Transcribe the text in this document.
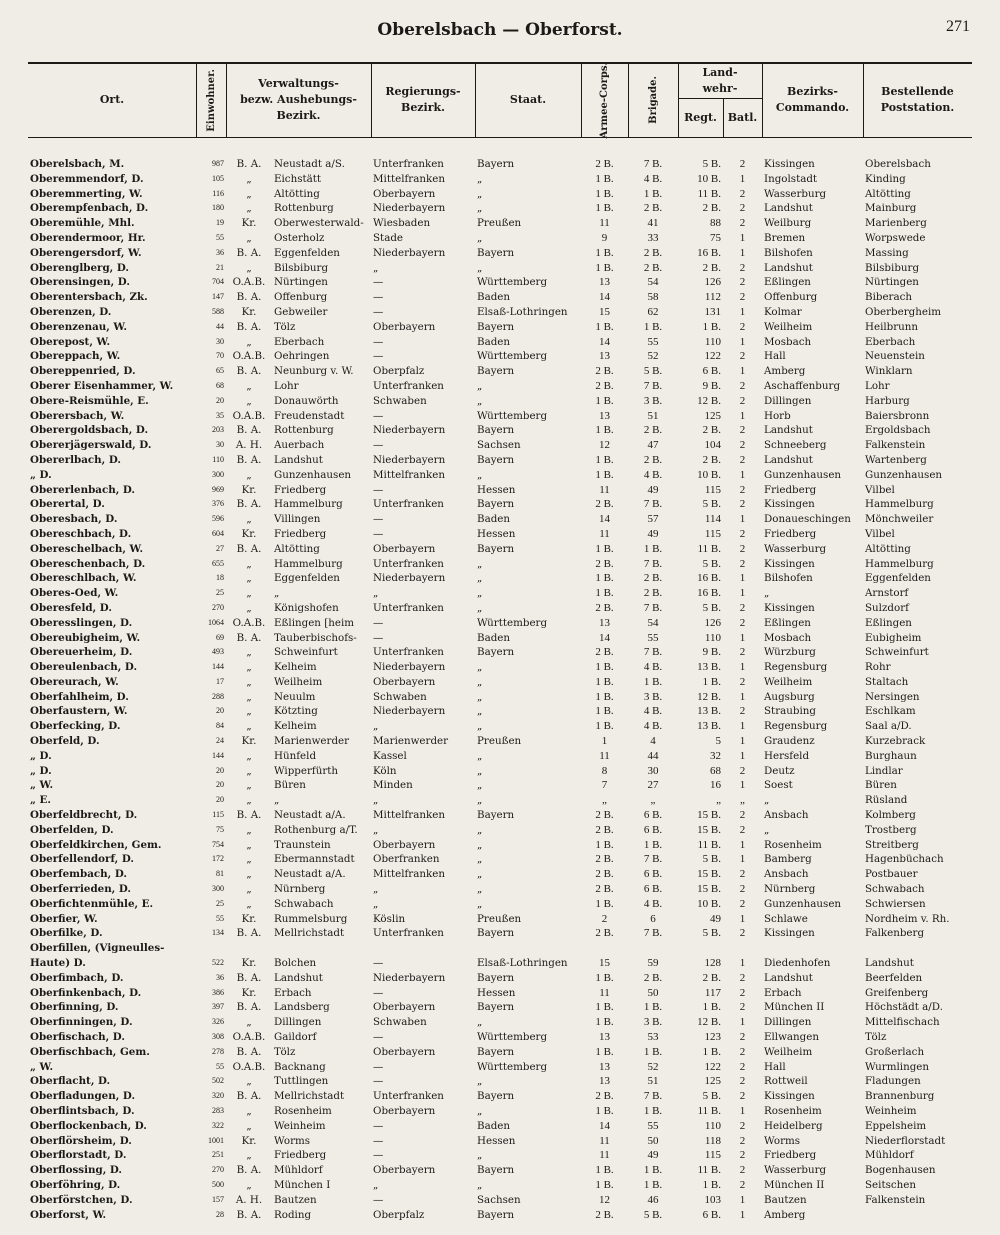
Oberelsbach — Oberforst.	271
Ort.	Einwohner.	Verwaltungs-
bezw. Aushebungs-
Bezirk.
Regierungs-
Bezirk.
Staat.	Armee-Corps.	Brigade.
Land-
wehr-
Regt. Batl.
Bezirks-
Commando.
Bestellende
Poststation.
Oberelsbach, M.	987	B. A.	Neustadt a/S.	Unterfranken	Bayern	2 B.	7 B.	5 B.	2	Kissingen	Oberelsbach
Oberemmendorf, D.	105	„	Eichstätt	Mittelfranken	„	1 B.	4 B.	10 B.	1	Ingolstadt	Kinding
Oberemmerting, W.	116	„	Altötting	Oberbayern	„	1 B.	1 B.	11 B.	2	Wasserburg	Altötting
Oberempfenbach, D.	180	„	Rottenburg	Niederbayern	„	1 B.	2 B.	2 B.	2	Landshut	Mainburg
Oberemühle, Mhl.	19	Kr.	Oberwesterwald-	Wiesbaden	Preußen	11	41	88	2	Weilburg	Marienberg
Oberendermoor, Hr.	55	„	Osterholz	Stade	„	9	33	75	1	Bremen	Worpswede
Oberengersdorf, W.	36	B. A.	Eggenfelden	Niederbayern	Bayern	1 B.	2 B.	16 B.	1	Bilshofen	Massing
Oberenglberg, D.	21	„	Bilsbiburg	„	„	1 B.	2 B.	2 B.	2	Landshut	Bilsbiburg
Oberensingen, D.	704	O.A.B.	Nürtingen	—	Württemberg	13	54	126	2	Eßlingen	Nürtingen
Oberentersbach, Zk.	147	B. A.	Offenburg	—	Baden	14	58	112	2	Offenburg	Biberach
Oberenzen, D.	588	Kr.	Gebweiler	—	Elsaß-Lothringen	15	62	131	1	Kolmar	Oberbergheim
Oberenzenau, W.	44	B. A.	Tölz	Oberbayern	Bayern	1 B.	1 B.	1 B.	2	Weilheim	Heilbrunn
Oberepost, W.	30	„	Eberbach	—	Baden	14	55	110	1	Mosbach	Eberbach
Obereppach, W.	70	O.A.B.	Oehringen	—	Württemberg	13	52	122	2	Hall	Neuenstein
Obereppenried, D.	65	B. A.	Neunburg v. W.	Oberpfalz	Bayern	2 B.	5 B.	6 B.	1	Amberg	Winklarn
Oberer Eisenhammer, W.	68	„	Lohr	Unterfranken	„	2 B.	7 B.	9 B.	2	Aschaffenburg	Lohr
Obere-Reismühle, E.	20	„	Donauwörth	Schwaben	„	1 B.	3 B.	12 B.	2	Dillingen	Harburg
Oberersbach, W.	35	O.A.B.	Freudenstadt	—	Württemberg	13	51	125	1	Horb	Baiersbronn
Oberergoldsbach, D.	203	B. A.	Rottenburg	Niederbayern	Bayern	1 B.	2 B.	2 B.	2	Landshut	Ergoldsbach
Obererjägerswald, D.	30	A. H.	Auerbach	—	Sachsen	12	47	104	2	Schneeberg	Falkenstein
Obererlbach, D.	110	B. A.	Landshut	Niederbayern	Bayern	1 B.	2 B.	2 B.	2	Landshut	Wartenberg
„ D.	300	„	Gunzenhausen	Mittelfranken	„	1 B.	4 B.	10 B.	1	Gunzenhausen	Gunzenhausen
Obererlenbach, D.	969	Kr.	Friedberg	—	Hessen	11	49	115	2	Friedberg	Vilbel
Oberertal, D.	376	B. A.	Hammelburg	Unterfranken	Bayern	2 B.	7 B.	5 B.	2	Kissingen	Hammelburg
Oberesbach, D.	596	„	Villingen	—	Baden	14	57	114	1	Donaueschingen	Mönchweiler
Obereschbach, D.	604	Kr.	Friedberg	—	Hessen	11	49	115	2	Friedberg	Vilbel
Obereschelbach, W.	27	B. A.	Altötting	Oberbayern	Bayern	1 B.	1 B.	11 B.	2	Wasserburg	Altötting
Obereschenbach, D.	655	„	Hammelburg	Unterfranken	„	2 B.	7 B.	5 B.	2	Kissingen	Hammelburg
Obereschlbach, W.	18	„	Eggenfelden	Niederbayern	„	1 B.	2 B.	16 B.	1	Bilshofen	Eggenfelden
Oberes-Oed, W.	25	„	„	„	„	1 B.	2 B.	16 B.	1	„	Arnstorf
Oberesfeld, D.	270	„	Königshofen	Unterfranken	„	2 B.	7 B.	5 B.	2	Kissingen	Sulzdorf
Oberesslingen, D.	1064	O.A.B.	Eßlingen [heim	—	Württemberg	13	54	126	2	Eßlingen	Eßlingen
Obereubigheim, W.	69	B. A.	Tauberbischofs-	—	Baden	14	55	110	1	Mosbach	Eubigheim
Obereuerheim, D.	493	„	Schweinfurt	Unterfranken	Bayern	2 B.	7 B.	9 B.	2	Würzburg	Schweinfurt
Obereulenbach, D.	144	„	Kelheim	Niederbayern	„	1 B.	4 B.	13 B.	1	Regensburg	Rohr
Obereurach, W.	17	„	Weilheim	Oberbayern	„	1 B.	1 B.	1 B.	2	Weilheim	Staltach
Oberfahlheim, D.	288	„	Neuulm	Schwaben	„	1 B.	3 B.	12 B.	1	Augsburg	Nersingen
Oberfaustern, W.	20	„	Kötzting	Niederbayern	„	1 B.	4 B.	13 B.	2	Straubing	Eschlkam
Oberfecking, D.	84	„	Kelheim	„	„	1 B.	4 B.	13 B.	1	Regensburg	Saal a/D.
Oberfeld, D.	24	Kr.	Marienwerder	Marienwerder	Preußen	1	4	5	1	Graudenz	Kurzebrack
„ D.	144	„	Hünfeld	Kassel	„	11	44	32	1	Hersfeld	Burghaun
„ D.	20	„	Wipperfürth	Köln	„	8	30	68	2	Deutz	Lindlar
„ W.	20	„	Büren	Minden	„	7	27	16	1	Soest	Büren
„ E.	20	„	„	„	„	„	„	„	„	„	Rüsland
Oberfeldbrecht, D.	115	B. A.	Neustadt a/A.	Mittelfranken	Bayern	2 B.	6 B.	15 B.	2	Ansbach	Kolmberg
Oberfelden, D.	75	„	Rothenburg a/T.	„	„	2 B.	6 B.	15 B.	2	„	Trostberg
Oberfeldkirchen, Gem.	754	„	Traunstein	Oberbayern	„	1 B.	1 B.	11 B.	1	Rosenheim	Streitberg
Oberfellendorf, D.	172	„	Ebermannstadt	Oberfranken	„	2 B.	7 B.	5 B.	1	Bamberg	Hagenbüchach
Oberfembach, D.	81	„	Neustadt a/A.	Mittelfranken	„	2 B.	6 B.	15 B.	2	Ansbach	Postbauer
Oberferrieden, D.	300	„	Nürnberg	„	„	2 B.	6 B.	15 B.	2	Nürnberg	Schwabach
Oberfichtenmühle, E.	25	„	Schwabach	„	„	1 B.	4 B.	10 B.	2	Gunzenhausen	Schwiersen
Oberfier, W.	55	Kr.	Rummelsburg	Köslin	Preußen	2	6	49	1	Schlawe	Nordheim v. Rh.
Oberfilke, D.	134	B. A.	Mellrichstadt	Unterfranken	Bayern	2 B.	7 B.	5 B.	2	Kissingen	Falkenberg
Oberfillen, (Vigneulles-											
Haute) D.	522	Kr.	Bolchen	—	Elsaß-Lothringen	15	59	128	1	Diedenhofen	Landshut
Oberfimbach, D.	36	B. A.	Landshut	Niederbayern	Bayern	1 B.	2 B.	2 B.	2	Landshut	Beerfelden
Oberfinkenbach, D.	386	Kr.	Erbach	—	Hessen	11	50	117	2	Erbach	Greifenberg
Oberfinning, D.	397	B. A.	Landsberg	Oberbayern	Bayern	1 B.	1 B.	1 B.	2	München II	Höchstädt a/D.
Oberfinningen, D.	326	„	Dillingen	Schwaben	„	1 B.	3 B.	12 B.	1	Dillingen	Mittelfischach
Oberfischach, D.	308	O.A.B.	Gaildorf	—	Württemberg	13	53	123	2	Ellwangen	Tölz
Oberfischbach, Gem.	278	B. A.	Tölz	Oberbayern	Bayern	1 B.	1 B.	1 B.	2	Weilheim	Großerlach
„ W.	55	O.A.B.	Backnang	—	Württemberg	13	52	122	2	Hall	Wurmlingen
Oberflacht, D.	502	„	Tuttlingen	—	„	13	51	125	2	Rottweil	Fladungen
Oberfladungen, D.	320	B. A.	Mellrichstadt	Unterfranken	Bayern	2 B.	7 B.	5 B.	2	Kissingen	Brannenburg
Oberflintsbach, D.	283	„	Rosenheim	Oberbayern	„	1 B.	1 B.	11 B.	1	Rosenheim	Weinheim
Oberflockenbach, D.	322	„	Weinheim	—	Baden	14	55	110	2	Heidelberg	Eppelsheim
Oberflörsheim, D.	1001	Kr.	Worms	—	Hessen	11	50	118	2	Worms	Niederflorstadt
Oberflorstadt, D.	251	„	Friedberg	—	„	11	49	115	2	Friedberg	Mühldorf
Oberflossing, D.	270	B. A.	Mühldorf	Oberbayern	Bayern	1 B.	1 B.	11 B.	2	Wasserburg	Bogenhausen
Oberföhring, D.	500	„	München I	„	„	1 B.	1 B.	1 B.	2	München II	Seitschen
Oberförstchen, D.	157	A. H.	Bautzen	—	Sachsen	12	46	103	1	Bautzen	Falkenstein
Oberforst, W.	28	B. A.	Roding	Oberpfalz	Bayern	2 B.	5 B.	6 B.	1	Amberg	
